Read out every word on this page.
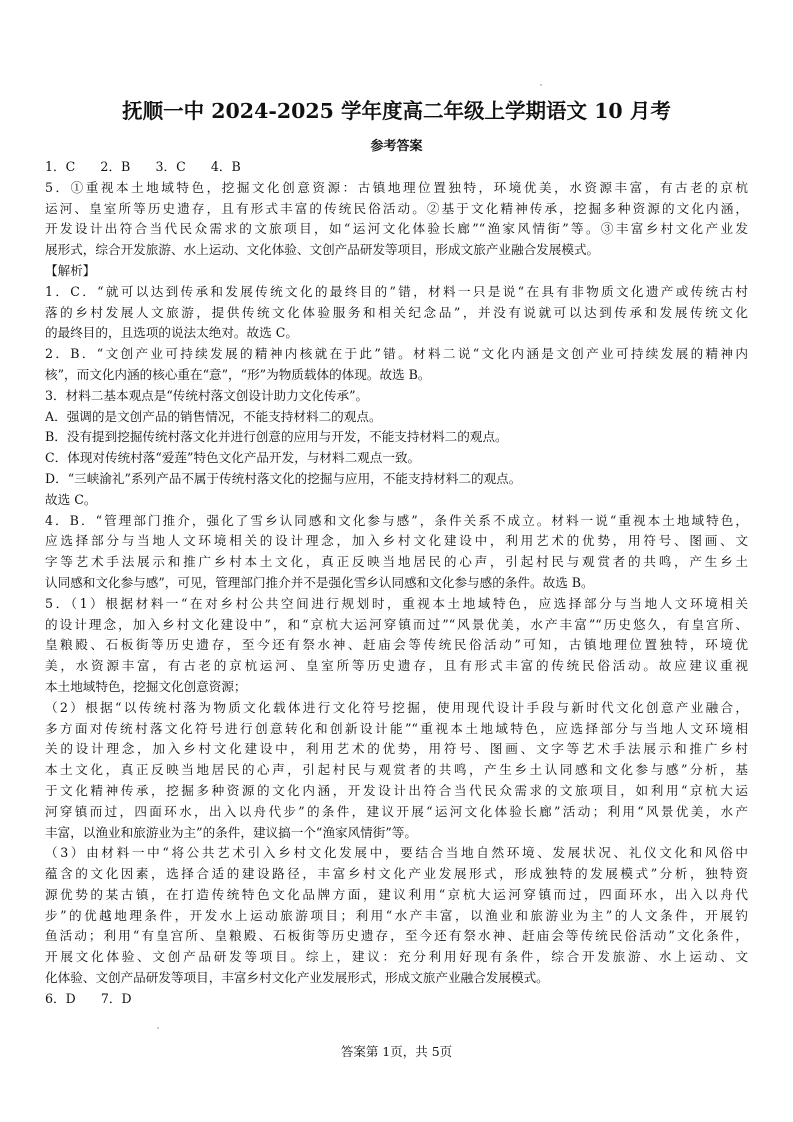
抚顺一中 2024-2025 学年度高二年级上学期语文 10 月考
参考答案
1．C　　2．B　　3．C　　4．B
5．①重视本土地域特色，挖掘文化创意资源：古镇地理位置独特，环境优美，水资源丰富，有古老的京杭
运河、皇室所等历史遗存，且有形式丰富的传统民俗活动。②基于文化精神传承，挖掘多种资源的文化内涵，
开发设计出符合当代民众需求的文旅项目，如“运河文化体验长廊”“渔家风情街”等。③丰富乡村文化产业发
展形式，综合开发旅游、水上运动、文化体验、文创产品研发等项目，形成文旅产业融合发展模式。
【解析】
1．C．“就可以达到传承和发展传统文化的最终目的”错，材料一只是说“在具有非物质文化遗产或传统古村
落的乡村发展人文旅游，提供传统文化体验服务和相关纪念品”，并没有说就可以达到传承和发展传统文化
的最终目的，且选项的说法太绝对。故选 C。
2．B．“文创产业可持续发展的精神内核就在于此”错。材料二说“文化内涵是文创产业可持续发展的精神内
核”，而文化内涵的核心重在“意”，“形”为物质载体的体现。故选 B。
3．材料二基本观点是“传统村落文创设计助力文化传承”。
A．强调的是文创产品的销售情况，不能支持材料二的观点。
B．没有提到挖掘传统村落文化并进行创意的应用与开发，不能支持材料二的观点。
C．体现对传统村落“爱莲”特色文化产品开发，与材料二观点一致。
D．“三峡渝礼”系列产品不属于传统村落文化的挖掘与应用，不能支持材料二的观点。
故选 C。
4．B．“管理部门推介，强化了雪乡认同感和文化参与感”，条件关系不成立。材料一说“重视本土地域特色，
应选择部分与当地人文环境相关的设计理念，加入乡村文化建设中，利用艺术的优势，用符号、图画、文
字等艺术手法展示和推广乡村本土文化，真正反映当地居民的心声，引起村民与观赏者的共鸣，产生乡土
认同感和文化参与感”，可见，管理部门推介并不是强化雪乡认同感和文化参与感的条件。故选 B。
5．（1）根据材料一“在对乡村公共空间进行规划时，重视本土地域特色，应选择部分与当地人文环境相关
的设计理念，加入乡村文化建设中”，和“京杭大运河穿镇而过”“风景优美，水产丰富”“历史悠久，有皇宫所、
皇粮殿、石板街等历史遗存，至今还有祭水神、赶庙会等传统民俗活动”可知，古镇地理位置独特，环境优
美，水资源丰富，有古老的京杭运河、皇室所等历史遗存，且有形式丰富的传统民俗活动。故应建议重视
本土地域特色，挖掘文化创意资源；
（2）根据“以传统村落为物质文化载体进行文化符号挖掘，使用现代设计手段与新时代文化创意产业融合，
多方面对传统村落文化符号进行创意转化和创新设计能”“重视本土地域特色，应选择部分与当地人文环境相
关的设计理念，加入乡村文化建设中，利用艺术的优势，用符号、图画、文字等艺术手法展示和推广乡村
本土文化，真正反映当地居民的心声，引起村民与观赏者的共鸣，产生乡土认同感和文化参与感”分析，基
于文化精神传承，挖掘多种资源的文化内涵，开发设计出符合当代民众需求的文旅项目，如利用“京杭大运
河穿镇而过，四面环水，出入以舟代步”的条件，建议开展“运河文化体验长廊”活动；利用“风景优美，水产
丰富，以渔业和旅游业为主”的条件，建议搞一个“渔家风情街”等。
（3）由材料一中“将公共艺术引入乡村文化发展中，要结合当地自然环境、发展状况、礼仪文化和风俗中
蕴含的文化因素，选择合适的建设路径，丰富乡村文化产业发展形式，形成独特的发展模式”分析，独特资
源优势的某古镇，在打造传统特色文化品牌方面，建议利用“京杭大运河穿镇而过，四面环水，出入以舟代
步”的优越地理条件，开发水上运动旅游项目；利用“水产丰富，以渔业和旅游业为主”的人文条件，开展钓
鱼活动；利用“有皇宫所、皇粮殿、石板街等历史遗存，至今还有祭水神、赶庙会等传统民俗活动”文化条件，
开展文化体验、文创产品研发等项目。综上，建议：充分利用好现有条件，综合开发旅游、水上运动、文
化体验、文创产品研发等项目，丰富乡村文化产业发展形式，形成文旅产业融合发展模式。
6．D　　7．D
答案第 1页，共 5页
